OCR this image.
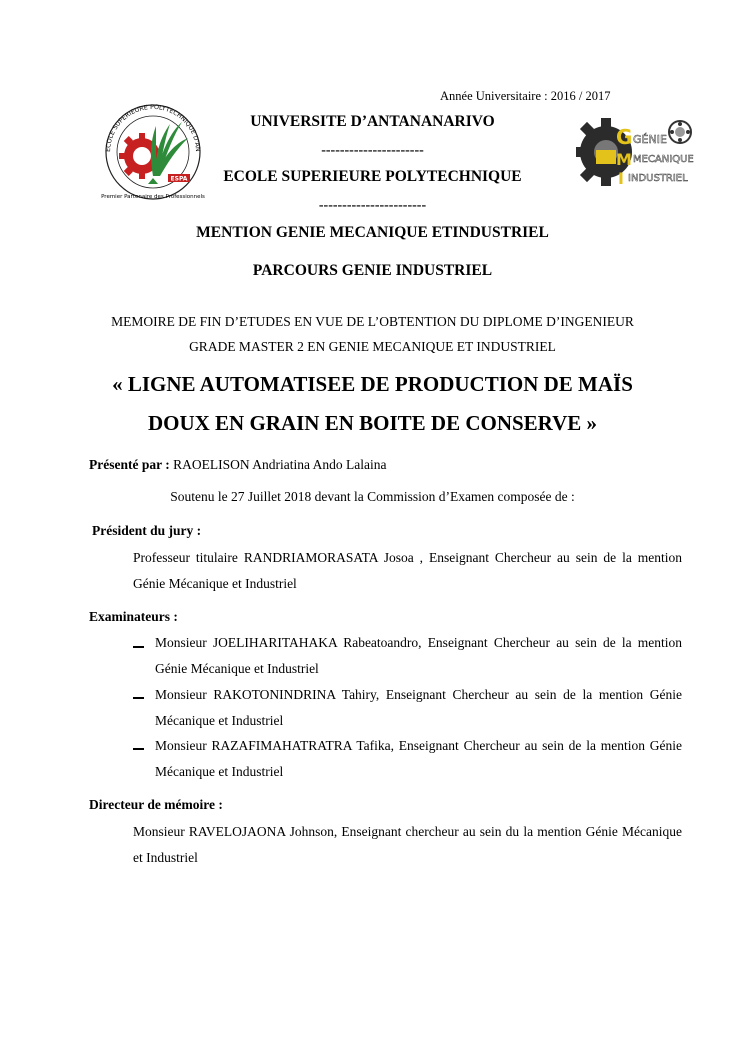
ECOLE SUPERIEURE POLYTECHNIQUE D'AN
ESPA
Premier Partenaire des Professionnels
G
M
I
GÉNIE
MECANIQUE
INDUSTRIEL
Année Universitaire : 2016 / 2017
UNIVERSITE D’ANTANANARIVO
----------------------
ECOLE SUPERIEURE POLYTECHNIQUE
-----------------------
MENTION GENIE MECANIQUE ETINDUSTRIEL
PARCOURS GENIE INDUSTRIEL
MEMOIRE DE FIN D’ETUDES EN VUE DE L’OBTENTION DU DIPLOME D’INGENIEUR
GRADE MASTER 2 EN GENIE MECANIQUE ET INDUSTRIEL
« LIGNE AUTOMATISEE DE PRODUCTION DE MAÏS
DOUX EN GRAIN EN BOITE DE CONSERVE »
Présenté par : RAOELISON Andriatina Ando Lalaina
Soutenu le 27 Juillet 2018 devant la Commission d’Examen composée de :
Président du jury :
Professeur titulaire RANDRIAMORASATA Josoa , Enseignant Chercheur au sein de la mention Génie Mécanique et Industriel
Examinateurs :
Monsieur JOELIHARITAHAKA Rabeatoandro, Enseignant Chercheur au sein de la mention Génie Mécanique et Industriel
Monsieur RAKOTONINDRINA Tahiry, Enseignant Chercheur au sein de la mention Génie Mécanique et Industriel
Monsieur RAZAFIMAHATRATRA Tafika, Enseignant Chercheur au sein de la mention Génie Mécanique et Industriel
Directeur de mémoire :
Monsieur RAVELOJAONA Johnson, Enseignant chercheur au sein du la mention Génie Mécanique et Industriel
